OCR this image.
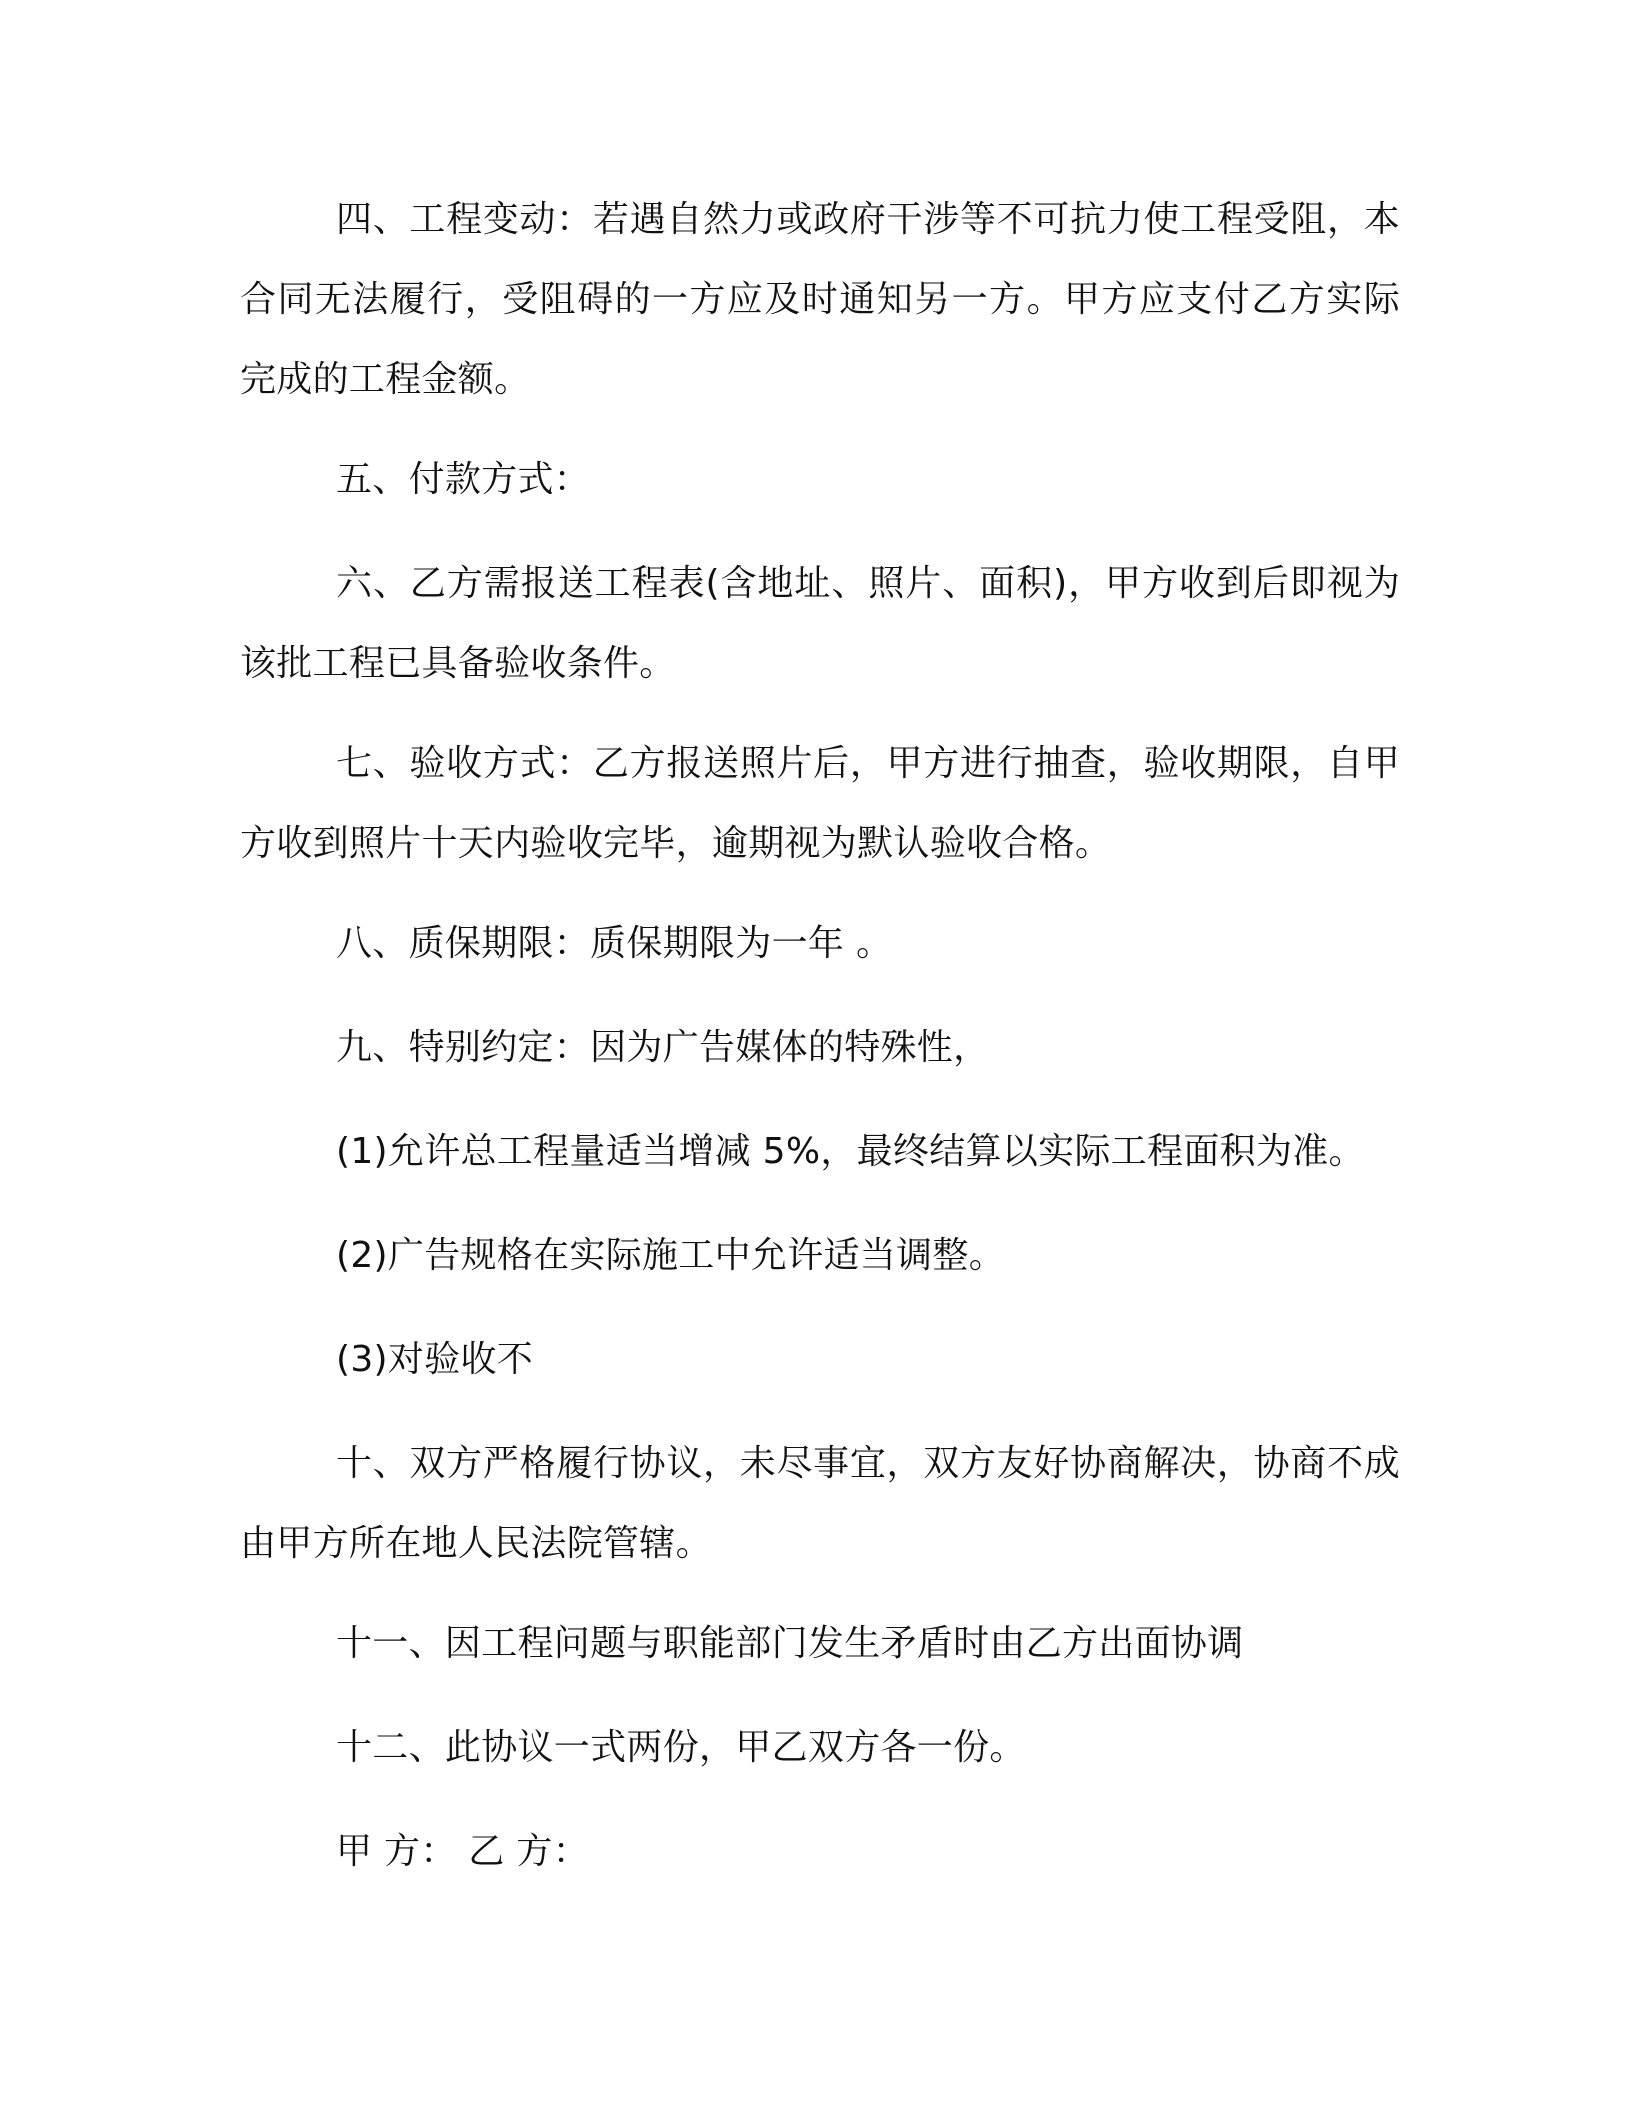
四、工程变动：若遇自然力或政府干涉等不可抗力使工程受阻，本合同无法履行，受阻碍的一方应及时通知另一方。甲方应支付乙方实际完成的工程金额。

五、付款方式：

六、乙方需报送工程表(含地址、照片、面积)，甲方收到后即视为该批工程已具备验收条件。

七、验收方式：乙方报送照片后，甲方进行抽查，验收期限，自甲方收到照片十天内验收完毕，逾期视为默认验收合格。

八、质保期限：质保期限为一年 。

九、特别约定：因为广告媒体的特殊性，

(1)允许总工程量适当增减 5%，最终结算以实际工程面积为准。

(2)广告规格在实际施工中允许适当调整。

(3)对验收不

十、双方严格履行协议，未尽事宜，双方友好协商解决，协商不成由甲方所在地人民法院管辖。

十一、因工程问题与职能部门发生矛盾时由乙方出面协调

十二、此协议一式两份，甲乙双方各一份。

甲 方： 乙 方：
